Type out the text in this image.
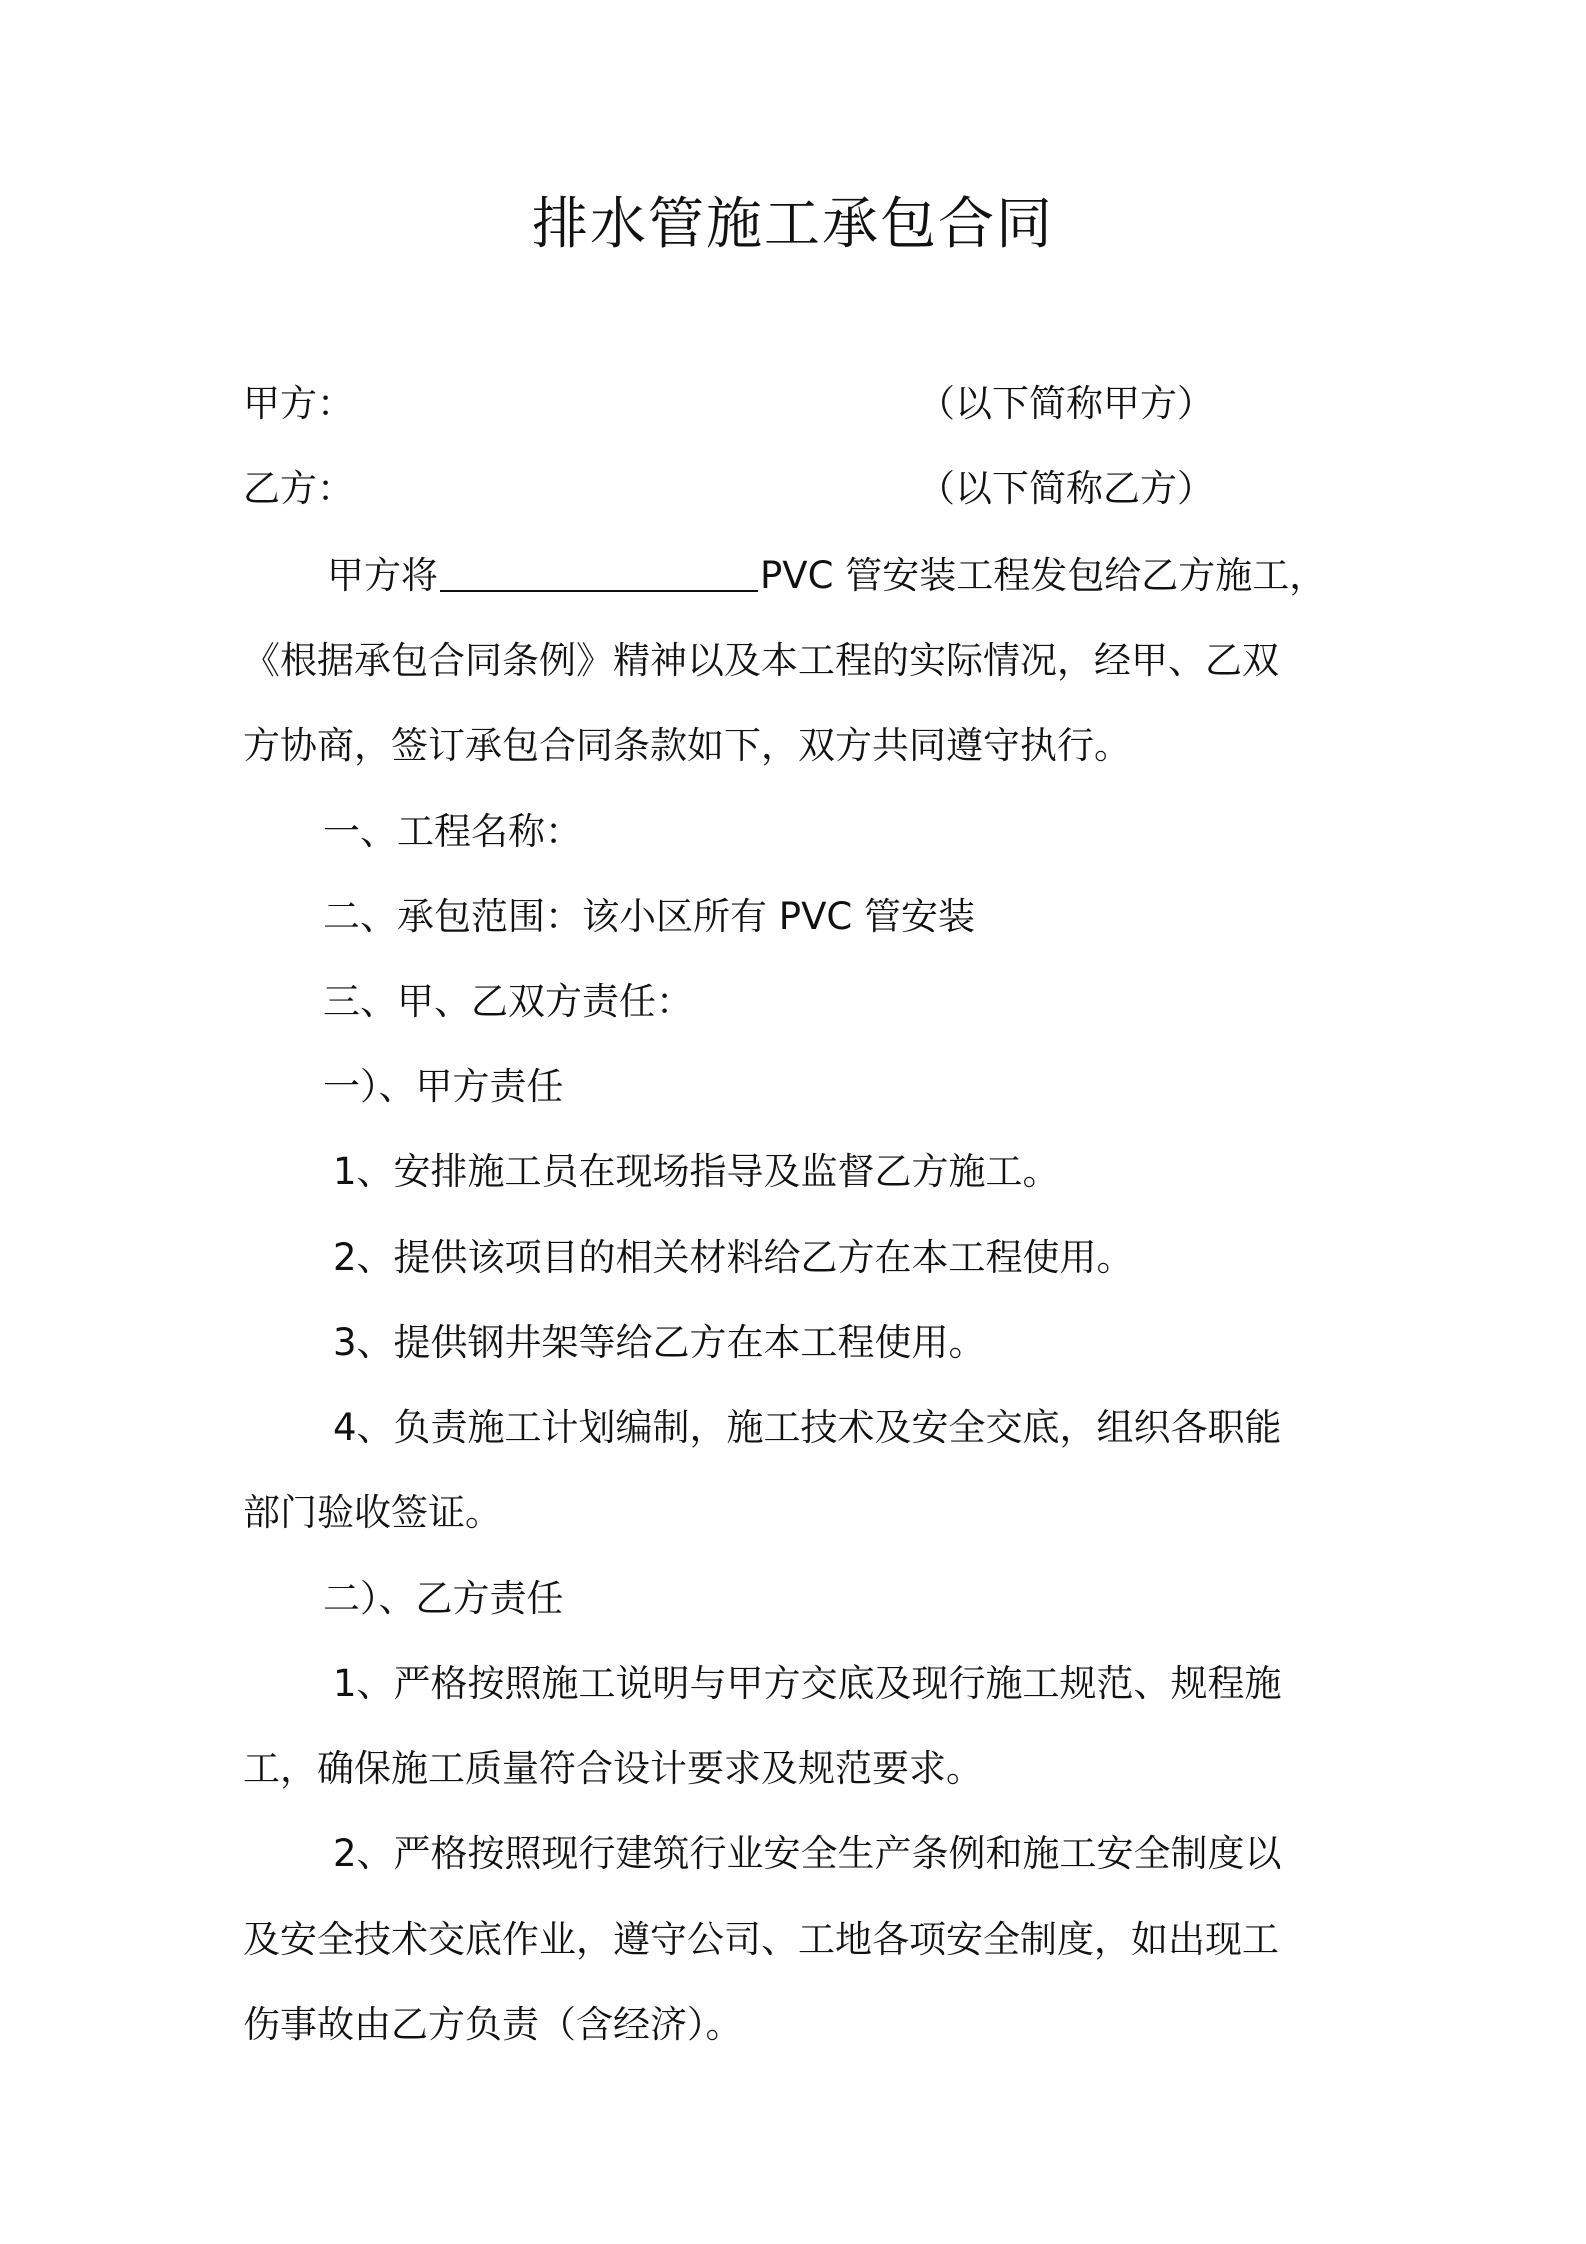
排水管施工承包合同

甲方：	（以下简称甲方）

乙方：	（以下简称乙方）

甲方将	PVC 管安装工程发包给乙方施工，

《根据承包合同条例》精神以及本工程的实际情况，经甲、乙双

方协商，签订承包合同条款如下，双方共同遵守执行。

一、工程名称：

二、承包范围：该小区所有 PVC 管安装

三、甲、乙双方责任：

一）、甲方责任

1、安排施工员在现场指导及监督乙方施工。

2、提供该项目的相关材料给乙方在本工程使用。

3、提供钢井架等给乙方在本工程使用。

4、负责施工计划编制，施工技术及安全交底，组织各职能

部门验收签证。

二）、乙方责任

1、严格按照施工说明与甲方交底及现行施工规范、规程施

工，确保施工质量符合设计要求及规范要求。

2、严格按照现行建筑行业安全生产条例和施工安全制度以

及安全技术交底作业，遵守公司、工地各项安全制度，如出现工

伤事故由乙方负责（含经济）。
